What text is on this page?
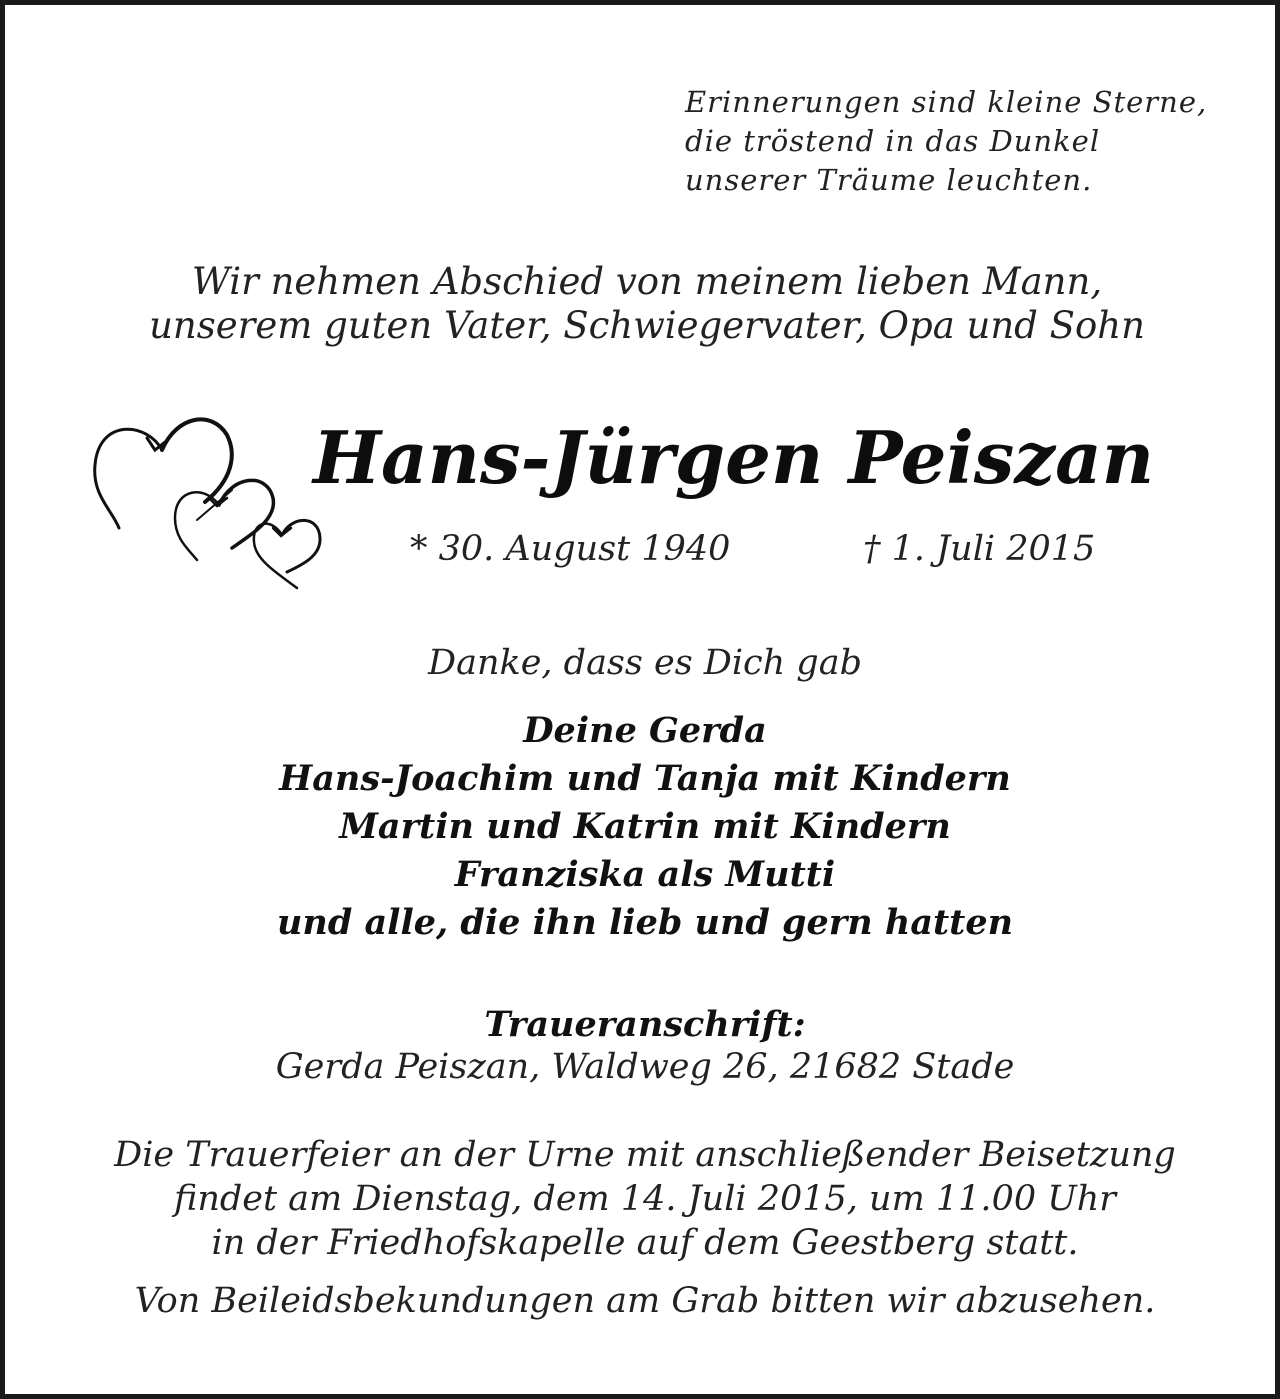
Erinnerungen sind kleine Sterne,
die tröstend in das Dunkel
unserer Träume leuchten.
Wir nehmen Abschied von meinem lieben Mann,
unserem guten Vater, Schwiegervater, Opa und Sohn
Hans-Jürgen Peiszan
* 30. August 1940	† 1. Juli 2015
Danke, dass es Dich gab
Deine Gerda
Hans-Joachim und Tanja mit Kindern
Martin und Katrin mit Kindern
Franziska als Mutti
und alle, die ihn lieb und gern hatten
Traueranschrift:
Gerda Peiszan, Waldweg 26, 21682 Stade
Die Trauerfeier an der Urne mit anschließender Beisetzung
findet am Dienstag, dem 14. Juli 2015, um 11.00 Uhr
in der Friedhofskapelle auf dem Geestberg statt.
Von Beileidsbekundungen am Grab bitten wir abzusehen.
